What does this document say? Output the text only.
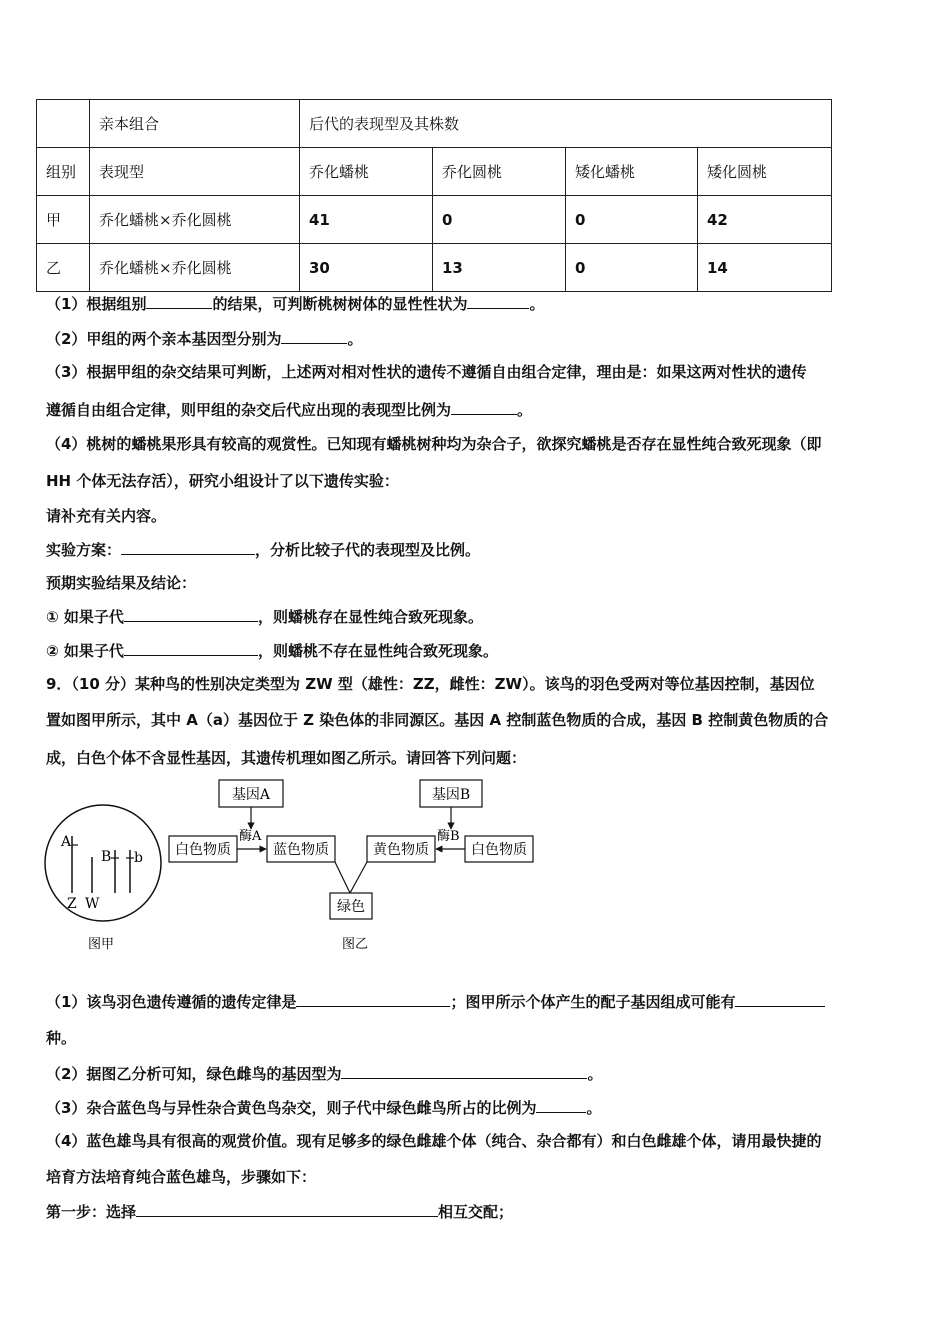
	亲本组合	后代的表现型及其株数			
组别	表现型	乔化蟠桃	乔化圆桃	矮化蟠桃	矮化圆桃
甲	乔化蟠桃×乔化圆桃	41	0	0	42
乙	乔化蟠桃×乔化圆桃	30	13	0	14
（1）根据组别	的结果，可判断桃树树体的显性性状为	。
（2）甲组的两个亲本基因型分别为	。
（3）根据甲组的杂交结果可判断，上述两对相对性状的遗传不遵循自由组合定律，理由是：如果这两对性状的遗传
遵循自由组合定律，则甲组的杂交后代应出现的表现型比例为	。
（4）桃树的蟠桃果形具有较高的观赏性。已知现有蟠桃树种均为杂合子，欲探究蟠桃是否存在显性纯合致死现象（即
HH 个体无法存活），研究小组设计了以下遗传实验：
请补充有关内容。
实验方案：	，分析比较子代的表现型及比例。
预期实验结果及结论：
① 如果子代	，则蟠桃存在显性纯合致死现象。
② 如果子代	，则蟠桃不存在显性纯合致死现象。
9．（10 分）某种鸟的性别决定类型为 ZW 型（雄性：ZZ，雌性：ZW）。该鸟的羽色受两对等位基因控制，基因位
置如图甲所示，其中 A（a）基因位于 Z 染色体的非同源区。基因 A 控制蓝色物质的合成，基因 B 控制黄色物质的合
成，白色个体不含显性基因，其遗传机理如图乙所示。请回答下列问题：
A
B b
Z W
图甲
基因A	基因B
酶A	酶B
白色物质	蓝色物质	黄色物质	白色物质
绿色
图乙
（1）该鸟羽色遗传遵循的遗传定律是	；图甲所示个体产生的配子基因组成可能有
种。
（2）据图乙分析可知，绿色雌鸟的基因型为	。
（3）杂合蓝色鸟与异性杂合黄色鸟杂交，则子代中绿色雌鸟所占的比例为	。
（4）蓝色雄鸟具有很高的观赏价值。现有足够多的绿色雌雄个体（纯合、杂合都有）和白色雌雄个体，请用最快捷的
培育方法培育纯合蓝色雄鸟，步骤如下：
第一步：选择	相互交配；
